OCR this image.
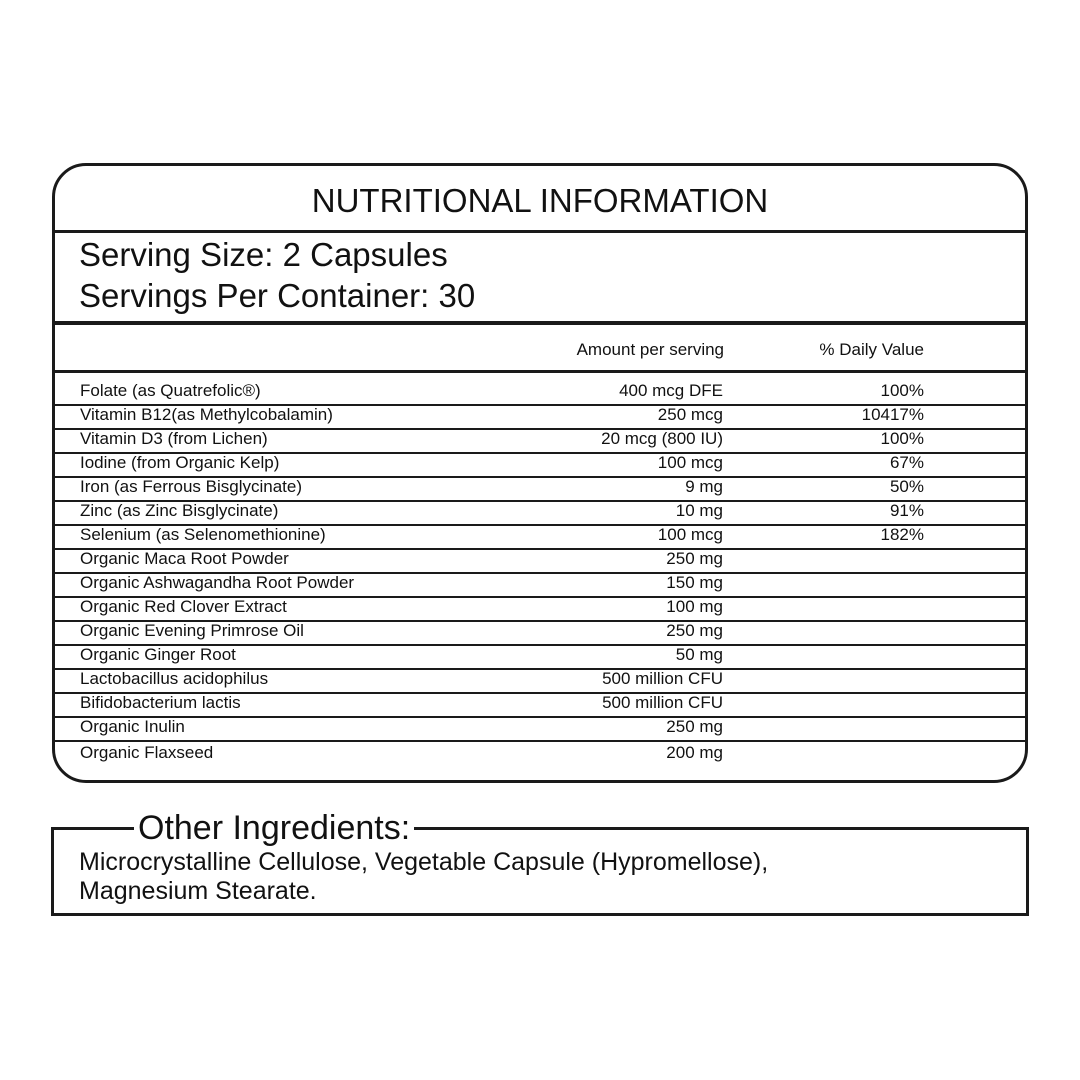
NUTRITIONAL INFORMATION
Serving Size: 2 Capsules
Servings Per Container: 30
Amount per serving	% Daily Value
Folate (as Quatrefolic®)	400 mcg DFE	100%
Vitamin B12(as Methylcobalamin)	250 mcg	10417%
Vitamin D3 (from Lichen)	20 mcg (800 IU)	100%
Iodine (from Organic Kelp)	100 mcg	67%
Iron (as Ferrous Bisglycinate)	9 mg	50%
Zinc (as Zinc Bisglycinate)	10 mg	91%
Selenium (as Selenomethionine)	100 mcg	182%
Organic Maca Root Powder	250 mg
Organic Ashwagandha Root Powder	150 mg
Organic Red Clover Extract	100 mg
Organic Evening Primrose Oil	250 mg
Organic Ginger Root	50 mg
Lactobacillus acidophilus	500 million CFU
Bifidobacterium lactis	500 million CFU
Organic Inulin	250 mg
Organic Flaxseed	200 mg
Other Ingredients:
Microcrystalline Cellulose, Vegetable Capsule (Hypromellose),
Magnesium Stearate.
